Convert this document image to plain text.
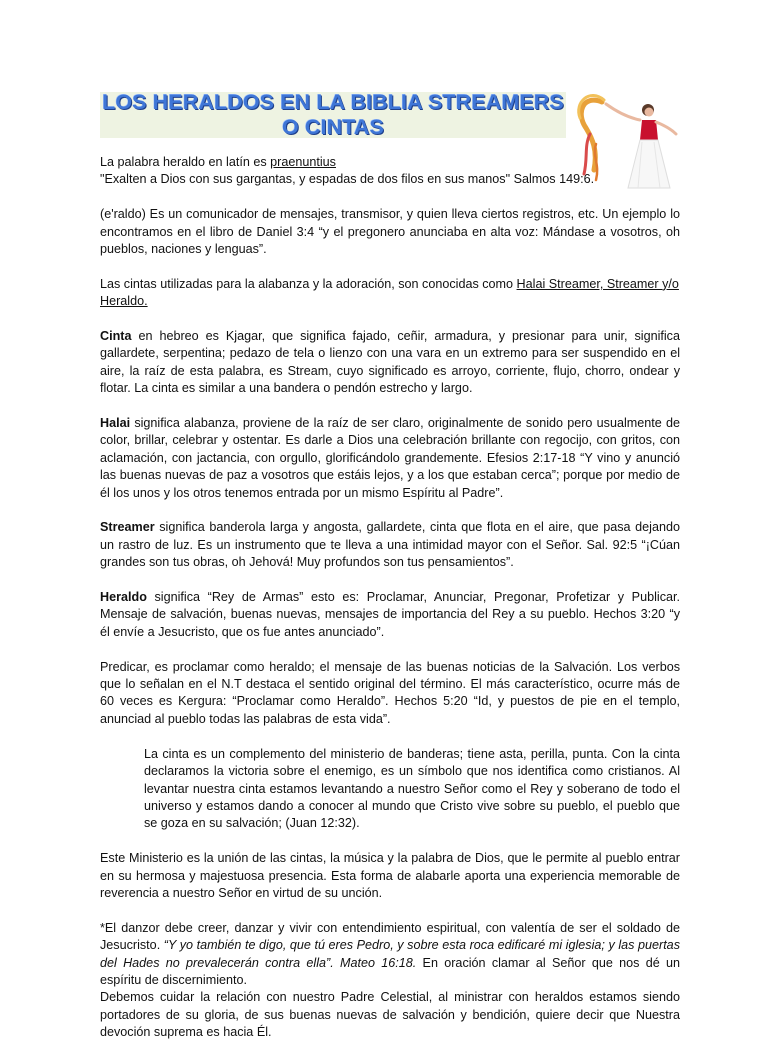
LOS HERALDOS EN LA BIBLIA STREAMERS O CINTAS

La palabra heraldo en latín es praenuntius
"Exalten a Dios con sus gargantas, y espadas de dos filos en sus manos" Salmos 149:6.

(e'raldo) Es un comunicador de mensajes, transmisor, y quien lleva ciertos registros, etc. Un ejemplo lo encontramos en el libro de Daniel 3:4 “y el pregonero anunciaba en alta voz: Mándase a vosotros, oh pueblos, naciones y lenguas”.

Las cintas utilizadas para la alabanza y la adoración, son conocidas como Halai Streamer, Streamer y/o Heraldo.

Cinta en hebreo es Kjagar, que significa fajado, ceñir, armadura, y presionar para unir, significa gallardete, serpentina; pedazo de tela o lienzo con una vara en un extremo para ser suspendido en el aire, la raíz de esta palabra, es Stream, cuyo significado es arroyo, corriente, flujo, chorro, ondear y flotar. La cinta es similar a una bandera o pendón estrecho y largo.

Halai significa alabanza, proviene de la raíz de ser claro, originalmente de sonido pero usualmente de color, brillar, celebrar y ostentar. Es darle a Dios una celebración brillante con regocijo, con gritos, con aclamación, con jactancia, con orgullo, glorificándolo grandemente. Efesios 2:17-18 “Y vino y anunció las buenas nuevas de paz a vosotros que estáis lejos, y a los que estaban cerca”; porque por medio de él los unos y los otros tenemos entrada por un mismo Espíritu al Padre”.

Streamer significa banderola larga y angosta, gallardete, cinta que flota en el aire, que pasa dejando un rastro de luz. Es un instrumento que te lleva a una intimidad mayor con el Señor. Sal. 92:5 “¡Cúan grandes son tus obras, oh Jehová! Muy profundos son tus pensamientos”.

Heraldo significa “Rey de Armas” esto es: Proclamar, Anunciar, Pregonar, Profetizar y Publicar. Mensaje de salvación, buenas nuevas, mensajes de importancia del Rey a su pueblo. Hechos 3:20 “y él envíe a Jesucristo, que os fue antes anunciado”.

Predicar, es proclamar como heraldo; el mensaje de las buenas noticias de la Salvación. Los verbos que lo señalan en el N.T destaca el sentido original del término. El más característico, ocurre más de 60 veces es Kergura: “Proclamar como Heraldo”. Hechos 5:20 “Id, y puestos de pie en el templo, anunciad al pueblo todas las palabras de esta vida”.

La cinta es un complemento del ministerio de banderas; tiene asta, perilla, punta. Con la cinta declaramos la victoria sobre el enemigo, es un símbolo que nos identifica como cristianos. Al levantar nuestra cinta estamos levantando a nuestro Señor como el Rey y soberano de todo el universo y estamos dando a conocer al mundo que Cristo vive sobre su pueblo, el pueblo que se goza en su salvación; (Juan 12:32).

Este Ministerio es la unión de las cintas, la música y la palabra de Dios, que le permite al pueblo entrar en su hermosa y majestuosa presencia. Esta forma de alabarle aporta una experiencia memorable de reverencia a nuestro Señor en virtud de su unción.

*El danzor debe creer, danzar y vivir con entendimiento espiritual, con valentía de ser el soldado de Jesucristo. “Y yo también te digo, que tú eres Pedro, y sobre esta roca edificaré mi iglesia; y las puertas del Hades no prevalecerán contra ella”. Mateo 16:18. En oración clamar al Señor que nos dé un espíritu de discernimiento.
Debemos cuidar la relación con nuestro Padre Celestial, al ministrar con heraldos estamos siendo portadores de su gloria, de sus buenas nuevas de salvación y bendición, quiere decir que Nuestra devoción suprema es hacia Él.
